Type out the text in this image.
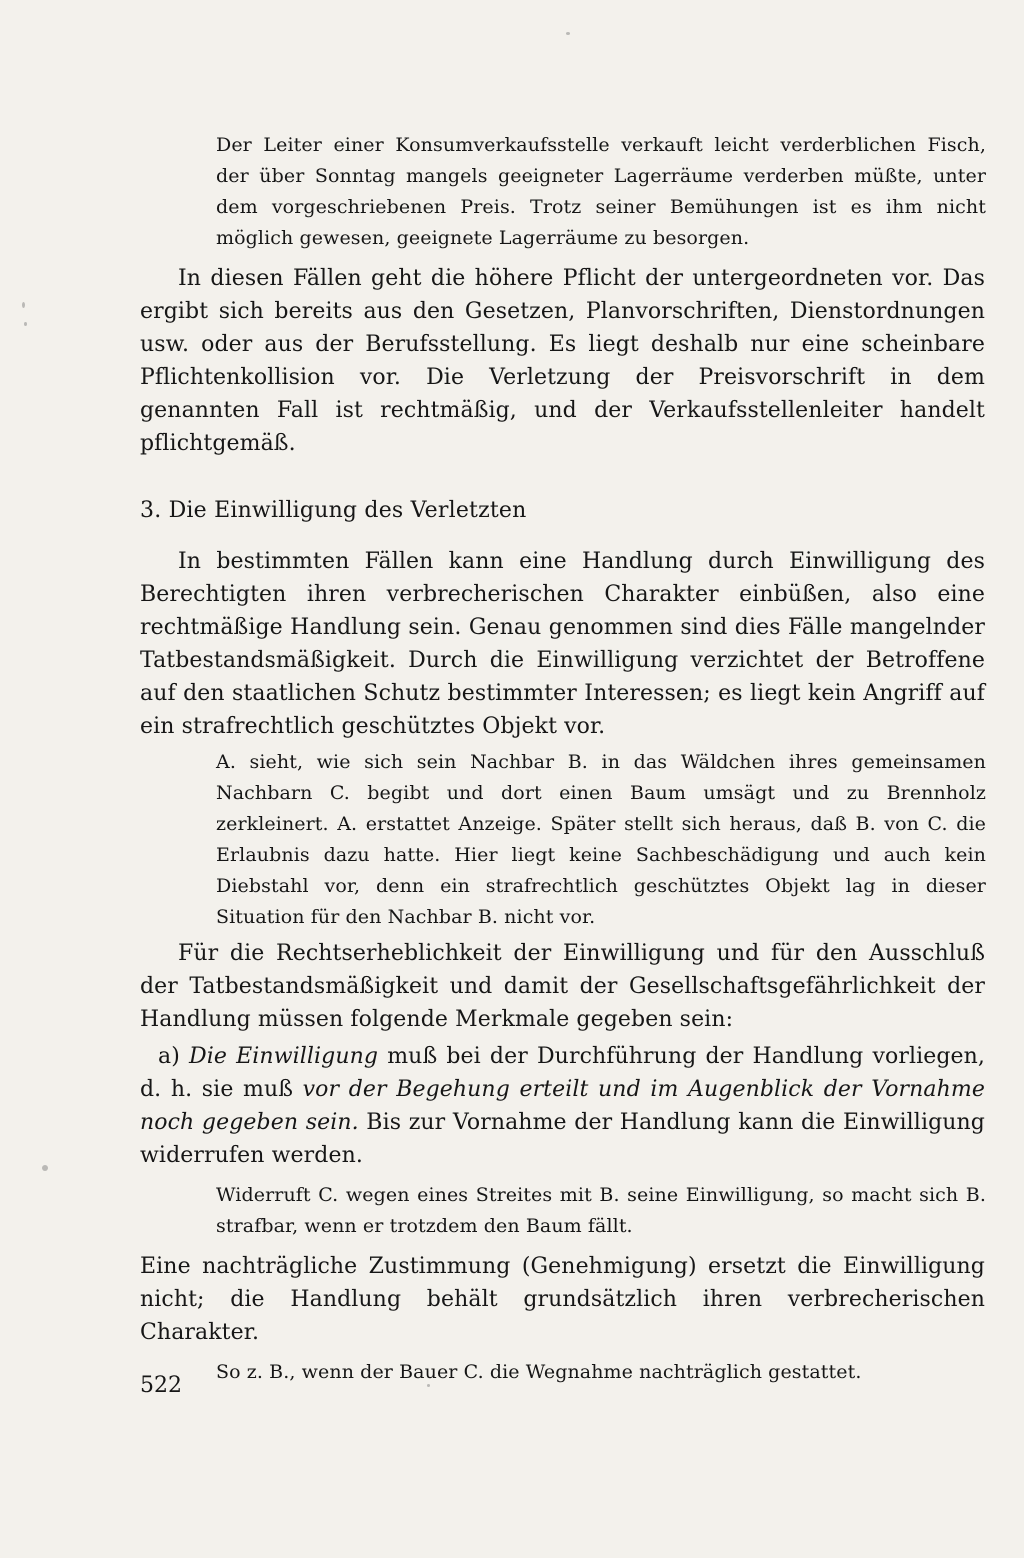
Der Leiter einer Konsumverkaufsstelle verkauft leicht verderblichen Fisch, der über Sonntag mangels geeigneter Lagerräume verderben müßte, unter dem vorgeschriebenen Preis. Trotz seiner Bemühungen ist es ihm nicht möglich gewesen, geeignete Lagerräume zu besorgen.

In diesen Fällen geht die höhere Pflicht der untergeordneten vor. Das ergibt sich bereits aus den Gesetzen, Planvorschriften, Dienstordnungen usw. oder aus der Berufsstellung. Es liegt deshalb nur eine scheinbare Pflichtenkollision vor. Die Verletzung der Preisvorschrift in dem genannten Fall ist rechtmäßig, und der Verkaufsstellenleiter handelt pflichtgemäß.

3. Die Einwilligung des Verletzten

In bestimmten Fällen kann eine Handlung durch Einwilligung des Berechtigten ihren verbrecherischen Charakter einbüßen, also eine rechtmäßige Handlung sein. Genau genommen sind dies Fälle mangelnder Tatbestandsmäßigkeit. Durch die Einwilligung verzichtet der Betroffene auf den staatlichen Schutz bestimmter Interessen; es liegt kein Angriff auf ein strafrechtlich geschütztes Objekt vor.

A. sieht, wie sich sein Nachbar B. in das Wäldchen ihres gemeinsamen Nachbarn C. begibt und dort einen Baum umsägt und zu Brennholz zerkleinert. A. erstattet Anzeige. Später stellt sich heraus, daß B. von C. die Erlaubnis dazu hatte. Hier liegt keine Sachbeschädigung und auch kein Diebstahl vor, denn ein strafrechtlich geschütztes Objekt lag in dieser Situation für den Nachbar B. nicht vor.

Für die Rechtserheblichkeit der Einwilligung und für den Ausschluß der Tatbestandsmäßigkeit und damit der Gesellschaftsgefährlichkeit der Handlung müssen folgende Merkmale gegeben sein:

a) Die Einwilligung muß bei der Durchführung der Handlung vorliegen, d. h. sie muß vor der Begehung erteilt und im Augenblick der Vornahme noch gegeben sein. Bis zur Vornahme der Handlung kann die Einwilligung widerrufen werden.

Widerruft C. wegen eines Streites mit B. seine Einwilligung, so macht sich B. strafbar, wenn er trotzdem den Baum fällt.

Eine nachträgliche Zustimmung (Genehmigung) ersetzt die Einwilligung nicht; die Handlung behält grundsätzlich ihren verbrecherischen Charakter.

So z. B., wenn der Bauer C. die Wegnahme nachträglich gestattet.

522
